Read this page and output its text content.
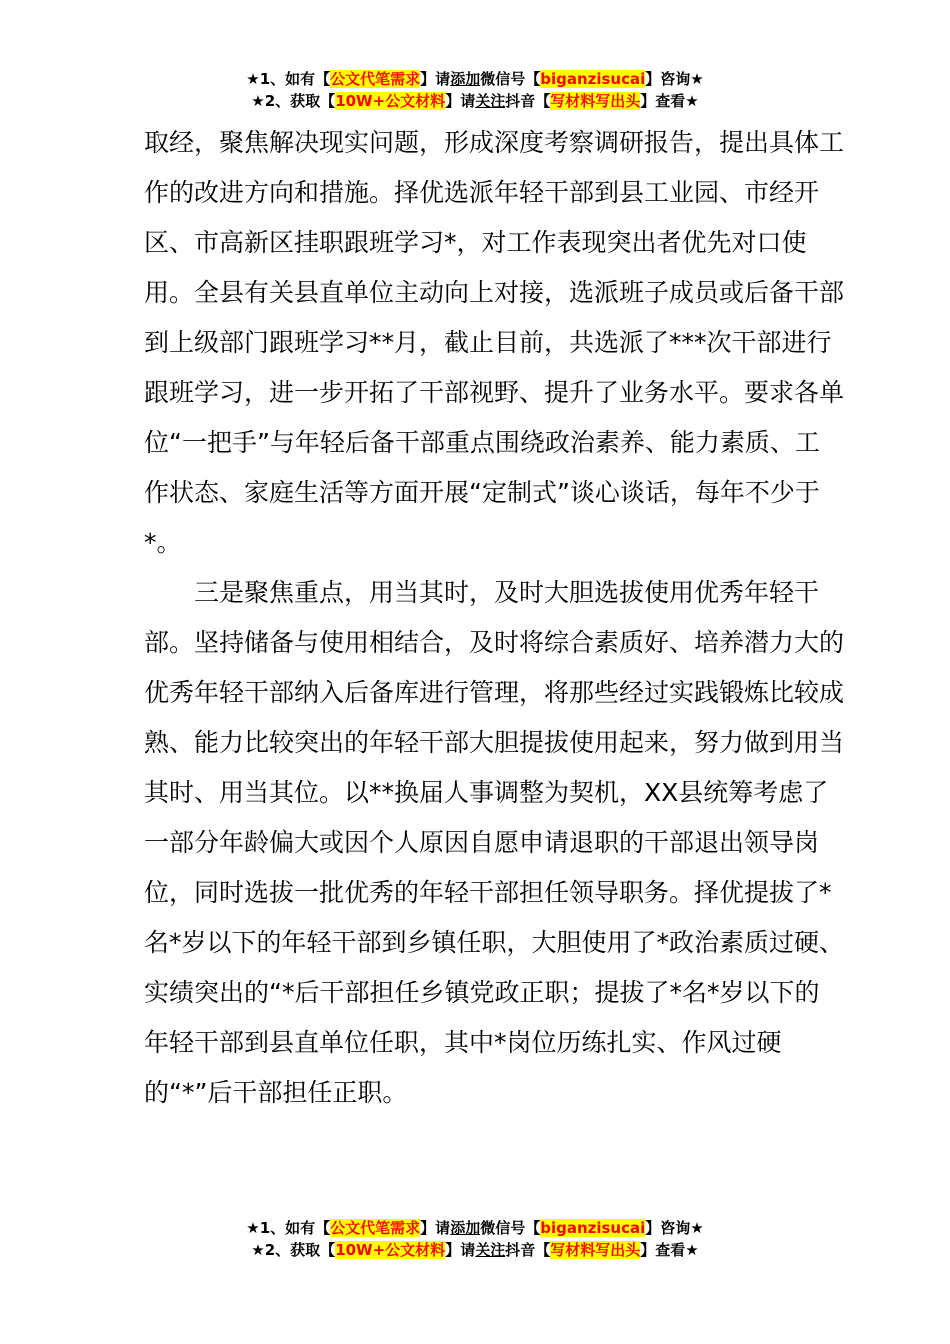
★1、如有【公文代笔需求】请添加微信号【biganzisucai】咨询★
★2、获取【10W+公文材料】请关注抖音【写材料写出头】查看★

取经，聚焦解决现实问题，形成深度考察调研报告，提出具体工作的改进方向和措施。择优选派年轻干部到县工业园、市经开区、市高新区挂职跟班学习*，对工作表现突出者优先对口使用。全县有关县直单位主动向上对接，选派班子成员或后备干部到上级部门跟班学习**月，截止目前，共选派了***次干部进行跟班学习，进一步开拓了干部视野、提升了业务水平。要求各单位“一把手”与年轻后备干部重点围绕政治素养、能力素质、工作状态、家庭生活等方面开展“定制式”谈心谈话，每年不少于*。

三是聚焦重点，用当其时，及时大胆选拔使用优秀年轻干部。坚持储备与使用相结合，及时将综合素质好、培养潜力大的优秀年轻干部纳入后备库进行管理，将那些经过实践锻炼比较成熟、能力比较突出的年轻干部大胆提拔使用起来，努力做到用当其时、用当其位。以**换届人事调整为契机，XX县统筹考虑了一部分年龄偏大或因个人原因自愿申请退职的干部退出领导岗位，同时选拔一批优秀的年轻干部担任领导职务。择优提拔了*名*岁以下的年轻干部到乡镇任职，大胆使用了*政治素质过硬、实绩突出的“*后干部担任乡镇党政正职；提拔了*名*岁以下的年轻干部到县直单位任职，其中*岗位历练扎实、作风过硬的“*”后干部担任正职。

★1、如有【公文代笔需求】请添加微信号【biganzisucai】咨询★
★2、获取【10W+公文材料】请关注抖音【写材料写出头】查看★
